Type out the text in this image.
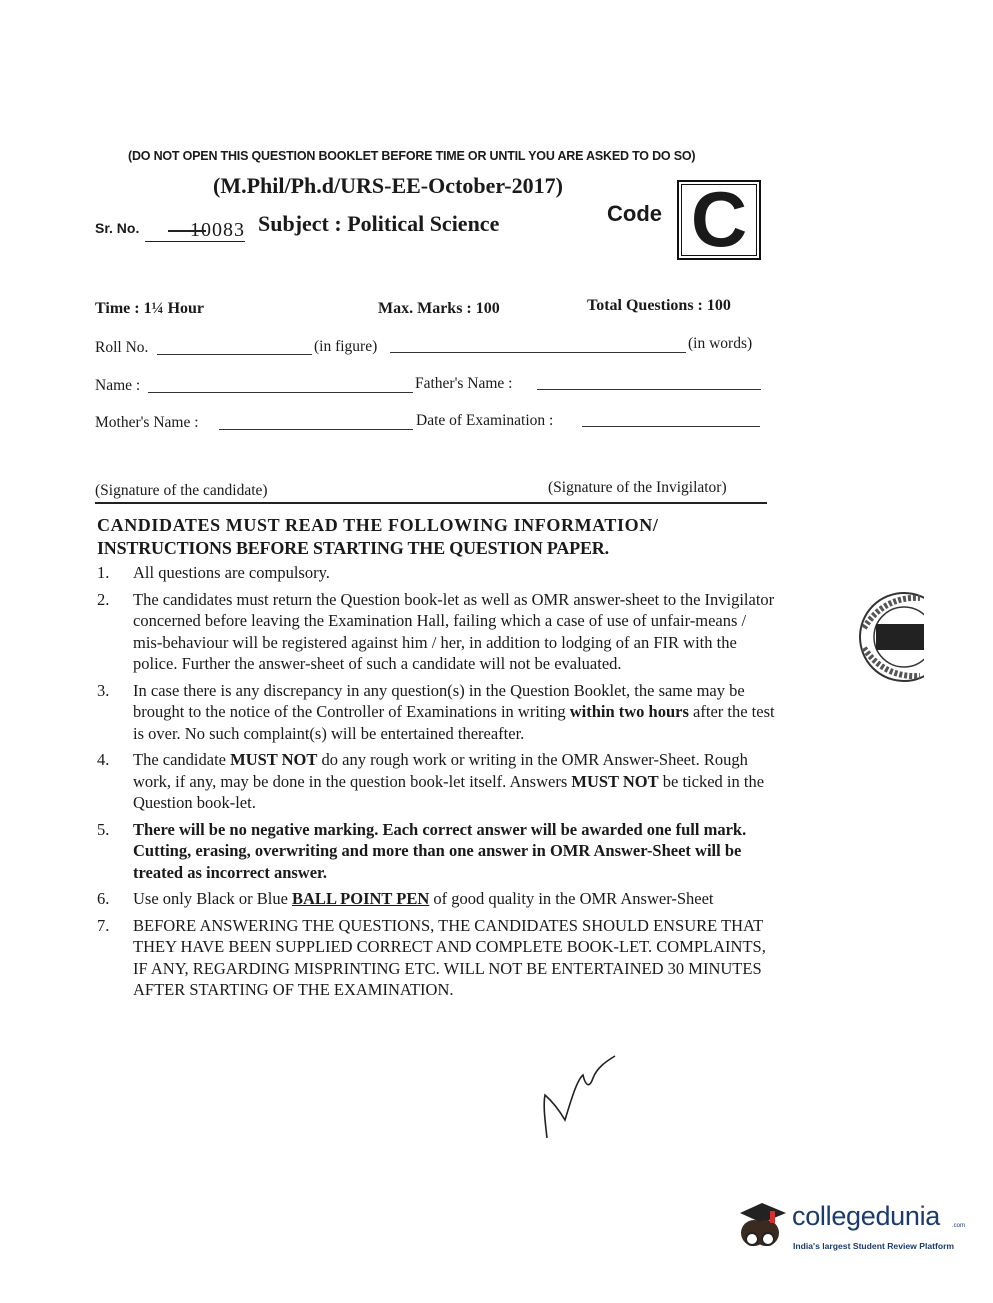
(DO NOT OPEN THIS QUESTION BOOKLET BEFORE TIME OR UNTIL YOU ARE ASKED TO DO SO)
(M.Phil/Ph.d/URS-EE-October-2017)
Sr. No.	10083 Subject : Political Science	Code C
Time : 1¼ Hour	Max. Marks : 100	Total Questions : 100
Roll No.	(in figure)	(in words)
Name :	Father's Name :
Mother's Name :	Date of Examination :
(Signature of the candidate)	(Signature of the Invigilator)
CANDIDATES MUST READ THE FOLLOWING INFORMATION/
INSTRUCTIONS BEFORE STARTING THE QUESTION PAPER.
1.	All questions are compulsory.
2.	The candidates must return the Question book-let as well as OMR answer-sheet to the Invigilator concerned before leaving the Examination Hall, failing which a case of use of unfair-means / mis-behaviour will be registered against him / her, in addition to lodging of an FIR with the police. Further the answer-sheet of such a candidate will not be evaluated.
3.	In case there is any discrepancy in any question(s) in the Question Booklet, the same may be brought to the notice of the Controller of Examinations in writing within two hours after the test is over. No such complaint(s) will be entertained thereafter.
4.	The candidate MUST NOT do any rough work or writing in the OMR Answer-Sheet. Rough work, if any, may be done in the question book-let itself. Answers MUST NOT be ticked in the Question book-let.
5.	There will be no negative marking. Each correct answer will be awarded one full mark. Cutting, erasing, overwriting and more than one answer in OMR Answer-Sheet will be treated as incorrect answer.
6.	Use only Black or Blue BALL POINT PEN of good quality in the OMR Answer-Sheet
7.	BEFORE ANSWERING THE QUESTIONS, THE CANDIDATES SHOULD ENSURE THAT THEY HAVE BEEN SUPPLIED CORRECT AND COMPLETE BOOK-LET. COMPLAINTS, IF ANY, REGARDING MISPRINTING ETC. WILL NOT BE ENTERTAINED 30 MINUTES AFTER STARTING OF THE EXAMINATION.
collegedunia .com
India's largest Student Review Platform
